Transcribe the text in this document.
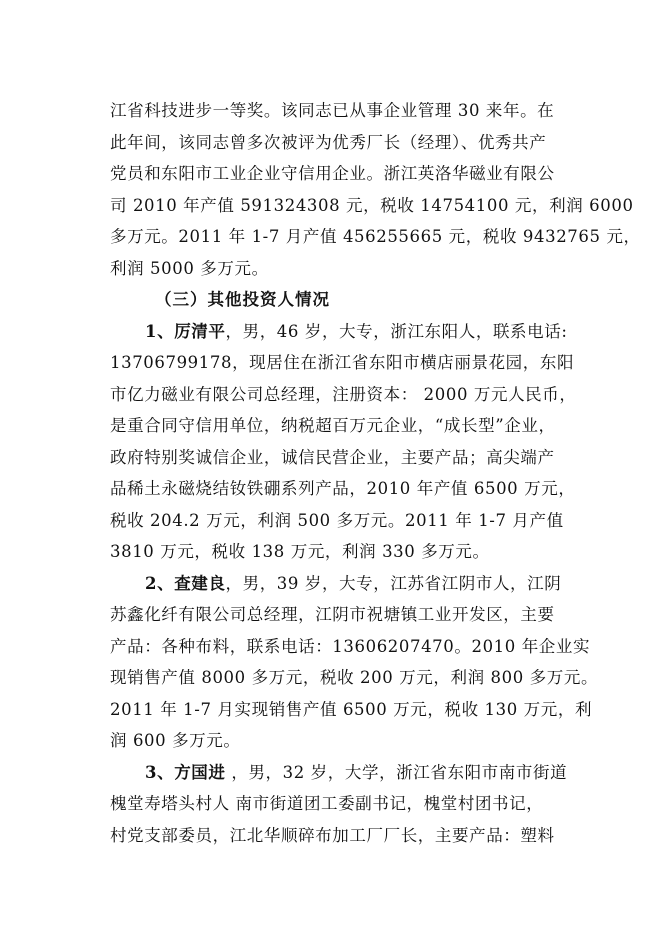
江省科技进步一等奖。该同志已从事企业管理 30 来年。在
此年间，该同志曾多次被评为优秀厂长（经理）、优秀共产
党员和东阳市工业企业守信用企业。浙江英洛华磁业有限公
司 2010 年产值 591324308 元，税收 14754100 元，利润 6000
多万元。2011 年 1-7 月产值 456255665 元，税收 9432765 元，
利润 5000 多万元。
（三）其他投资人情况
1、厉清平，男，46 岁，大专，浙江东阳人，联系电话:
13706799178，现居住在浙江省东阳市横店丽景花园，东阳
市亿力磁业有限公司总经理，注册资本： 2000 万元人民币，
是重合同守信用单位，纳税超百万元企业，“成长型”企业，
政府特别奖诚信企业，诚信民营企业，主要产品；高尖端产
品稀土永磁烧结钕铁硼系列产品，2010 年产值 6500 万元，
税收 204.2 万元，利润 500 多万元。2011 年 1-7 月产值
3810 万元，税收 138 万元，利润 330 多万元。
2、查建良，男，39 岁，大专，江苏省江阴市人，江阴
苏鑫化纤有限公司总经理，江阴市祝塘镇工业开发区，主要
产品：各种布料，联系电话：13606207470。2010 年企业实
现销售产值 8000 多万元，税收 200 万元，利润 800 多万元。
2011 年 1-7 月实现销售产值 6500 万元，税收 130 万元，利
润 600 多万元。
3、方国进 ，男，32 岁，大学，浙江省东阳市南市街道
槐堂寿塔头村人 南市街道团工委副书记，槐堂村团书记，
村党支部委员，江北华顺碎布加工厂厂长，主要产品：塑料
